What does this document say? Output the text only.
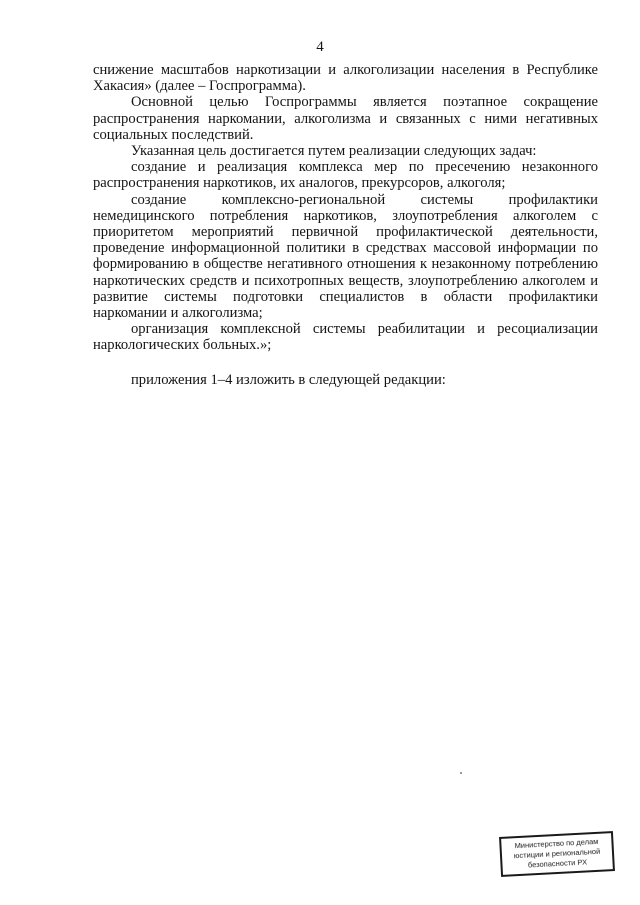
4

снижение масштабов наркотизации и алкоголизации населения в Республике Хакасия» (далее – Госпрограмма).

Основной целью Госпрограммы является поэтапное сокращение распространения наркомании, алкоголизма и связанных с ними негативных социальных последствий.

Указанная цель достигается путем реализации следующих задач:

создание и реализация комплекса мер по пресечению незаконного распространения наркотиков, их аналогов, прекурсоров, алкоголя;

создание комплексно-региональной системы профилактики немедицинского потребления наркотиков, злоупотребления алкоголем с приоритетом мероприятий первичной профилактической деятельности, проведение информационной политики в средствах массовой информации по формированию в обществе негативного отношения к незаконному потреблению наркотических средств и психотропных веществ, злоупотреблению алкоголем и развитие системы подготовки специалистов в области профилактики наркомании и алкоголизма;

организация комплексной системы реабилитации и ресоциализации наркологических больных.»;

приложения 1–4 изложить в следующей редакции:

Министерство по делам
юстиции и региональной
безопасности РХ
